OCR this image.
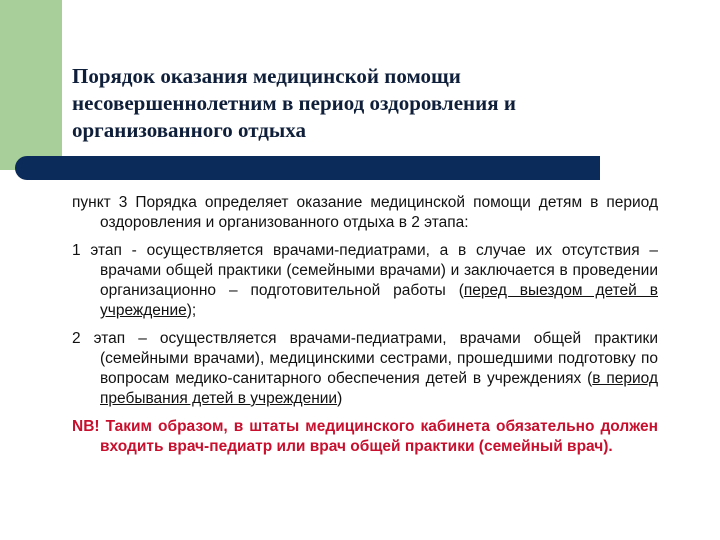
Порядок оказания медицинской помощи
несовершеннолетним в период оздоровления и
организованного отдыха

пункт 3 Порядка определяет оказание медицинской помощи детям в период оздоровления и организованного отдыха в 2 этапа:

1 этап - осуществляется врачами-педиатрами, а в случае их отсутствия – врачами общей практики (семейными врачами) и заключается в проведении организационно – подготовительной работы (перед выездом детей в учреждение);

2 этап – осуществляется врачами-педиатрами, врачами общей практики (семейными врачами), медицинскими сестрами, прошедшими подготовку по вопросам медико-санитарного обеспечения детей в учреждениях (в период пребывания детей в учреждении)

NB! Таким образом, в штаты медицинского кабинета обязательно должен входить врач-педиатр или врач общей практики (семейный врач).
